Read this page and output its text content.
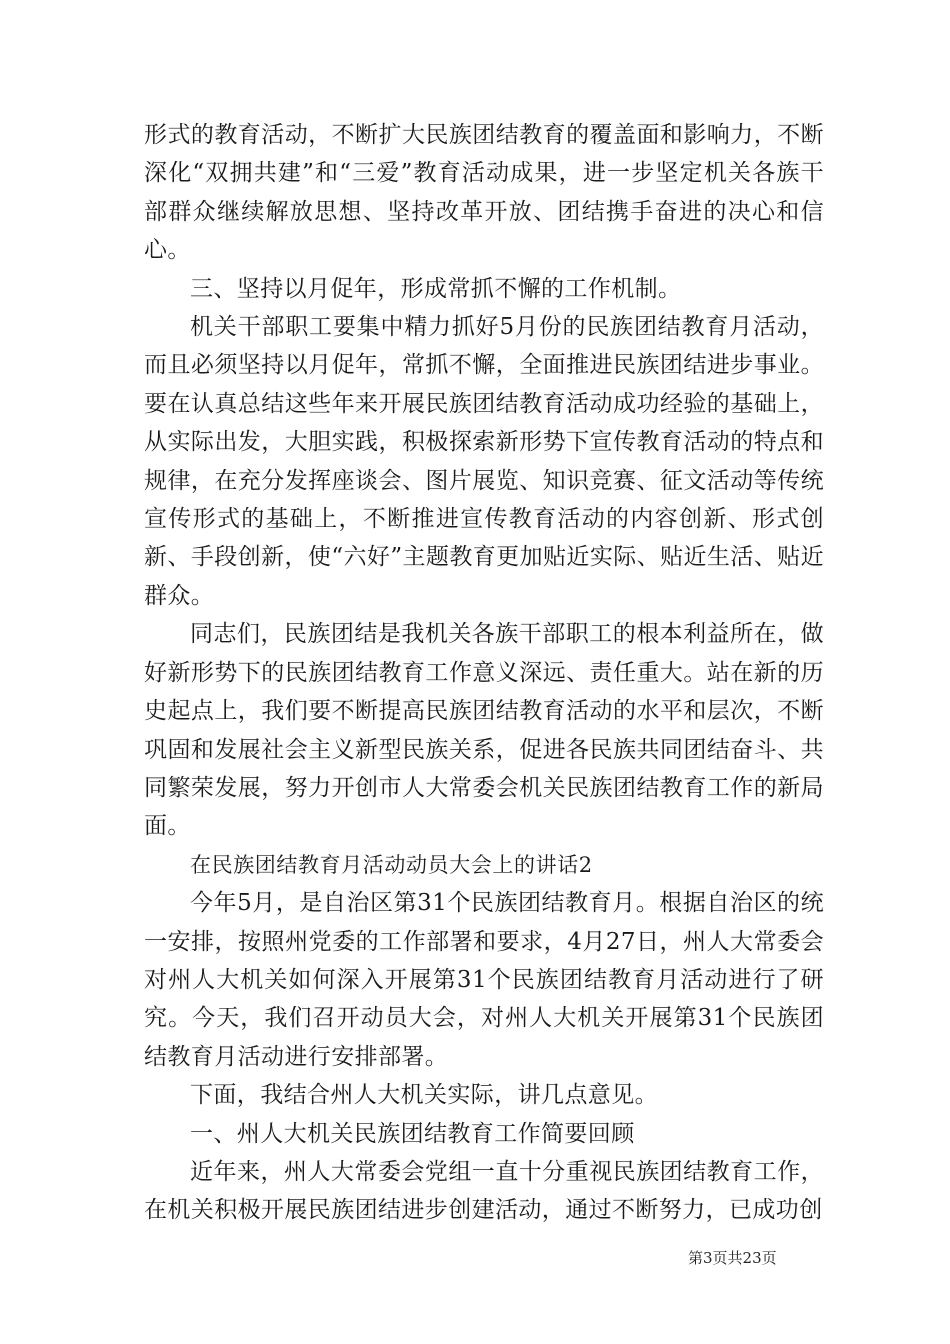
形式的教育活动，不断扩大民族团结教育的覆盖面和影响力，不断深化“双拥共建”和“三爱”教育活动成果，进一步坚定机关各族干部群众继续解放思想、坚持改革开放、团结携手奋进的决心和信心。

三、坚持以月促年，形成常抓不懈的工作机制。

机关干部职工要集中精力抓好5月份的民族团结教育月活动，而且必须坚持以月促年，常抓不懈，全面推进民族团结进步事业。要在认真总结这些年来开展民族团结教育活动成功经验的基础上，从实际出发，大胆实践，积极探索新形势下宣传教育活动的特点和规律，在充分发挥座谈会、图片展览、知识竞赛、征文活动等传统宣传形式的基础上，不断推进宣传教育活动的内容创新、形式创新、手段创新，使“六好”主题教育更加贴近实际、贴近生活、贴近群众。

同志们，民族团结是我机关各族干部职工的根本利益所在，做好新形势下的民族团结教育工作意义深远、责任重大。站在新的历史起点上，我们要不断提高民族团结教育活动的水平和层次，不断巩固和发展社会主义新型民族关系，促进各民族共同团结奋斗、共同繁荣发展，努力开创市人大常委会机关民族团结教育工作的新局面。

在民族团结教育月活动动员大会上的讲话2

今年5月，是自治区第31个民族团结教育月。根据自治区的统一安排，按照州党委的工作部署和要求，4月27日，州人大常委会对州人大机关如何深入开展第31个民族团结教育月活动进行了研究。今天，我们召开动员大会，对州人大机关开展第31个民族团结教育月活动进行安排部署。

下面，我结合州人大机关实际，讲几点意见。

一、州人大机关民族团结教育工作简要回顾

近年来，州人大常委会党组一直十分重视民族团结教育工作，在机关积极开展民族团结进步创建活动，通过不断努力，已成功创

第3页共23页
